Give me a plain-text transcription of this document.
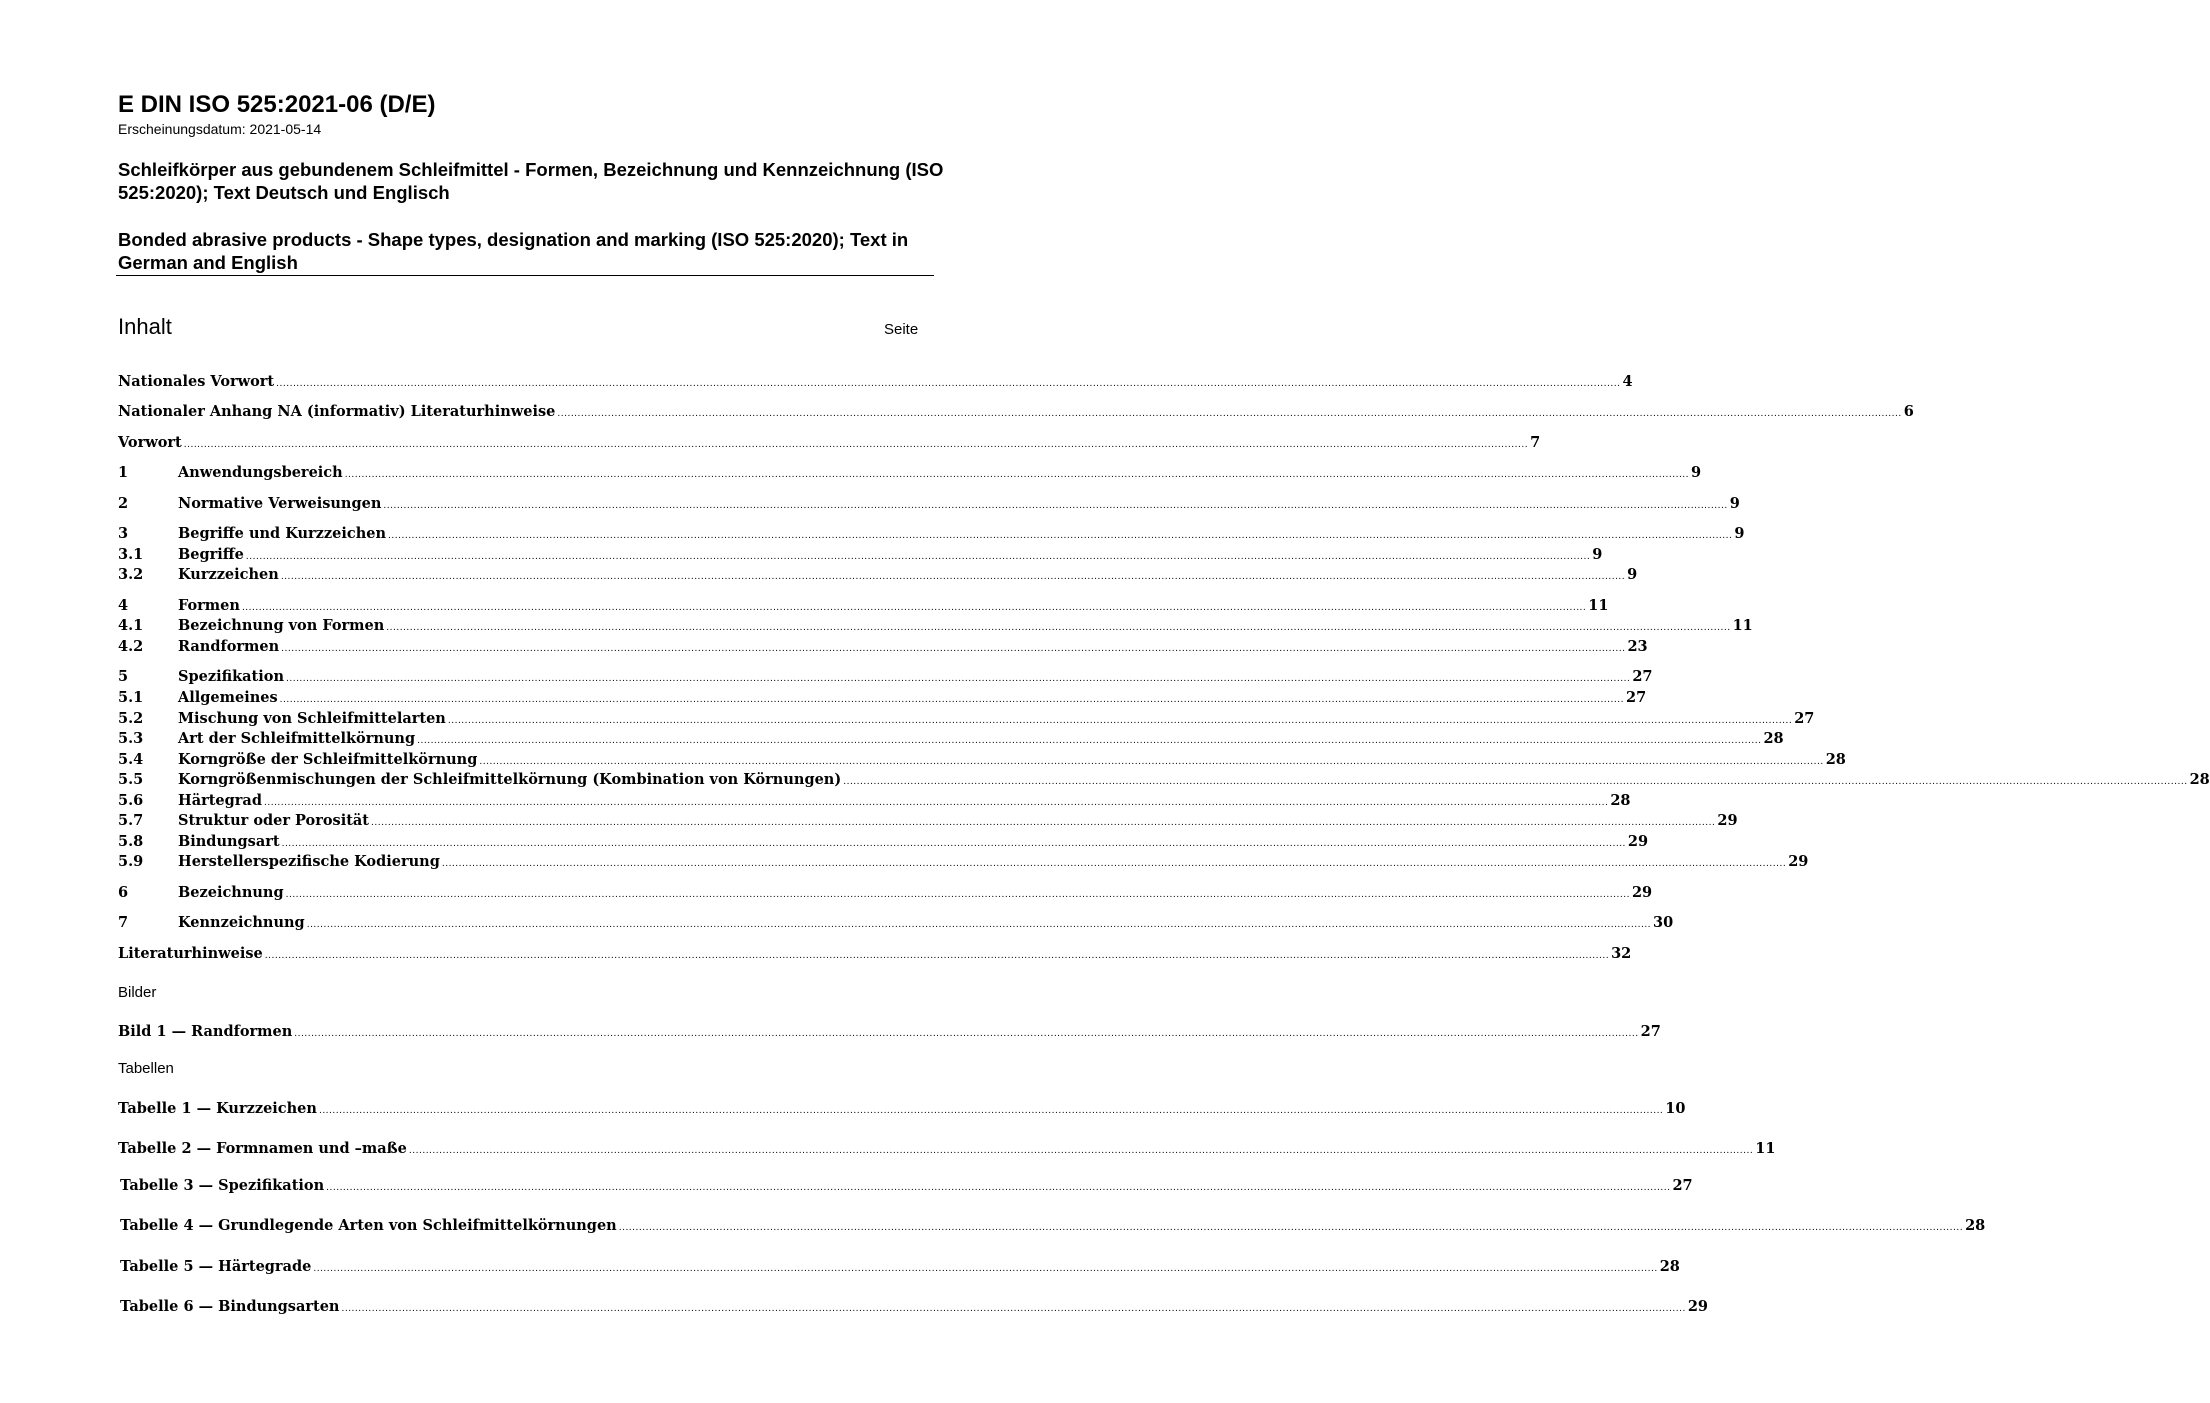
E DIN ISO 525:2021-06 (D/E)
Erscheinungsdatum: 2021-05-14
Schleifkörper aus gebundenem Schleifmittel - Formen, Bezeichnung und Kennzeichnung (ISO 525:2020); Text Deutsch und Englisch
Bonded abrasive products - Shape types, designation and marking (ISO 525:2020); Text in German and English
Inhalt	Seite
Nationales Vorwort ................................................................................................................................................................................................................................................................................................................................................................................................................ 4
Nationaler Anhang NA (informativ) Literaturhinweise ................................................................................................................................................................................................................................................................................................................................................................................................................ 6
Vorwort ................................................................................................................................................................................................................................................................................................................................................................................................................ 7
1	Anwendungsbereich ................................................................................................................................................................................................................................................................................................................................................................................................................ 9
2	Normative Verweisungen ................................................................................................................................................................................................................................................................................................................................................................................................................ 9
3	Begriffe und Kurzzeichen ................................................................................................................................................................................................................................................................................................................................................................................................................ 9
3.1	Begriffe ................................................................................................................................................................................................................................................................................................................................................................................................................ 9
3.2	Kurzzeichen ................................................................................................................................................................................................................................................................................................................................................................................................................ 9
4	Formen ................................................................................................................................................................................................................................................................................................................................................................................................................ 11
4.1	Bezeichnung von Formen ................................................................................................................................................................................................................................................................................................................................................................................................................ 11
4.2	Randformen ................................................................................................................................................................................................................................................................................................................................................................................................................ 23
5	Spezifikation ................................................................................................................................................................................................................................................................................................................................................................................................................ 27
5.1	Allgemeines ................................................................................................................................................................................................................................................................................................................................................................................................................ 27
5.2	Mischung von Schleifmittelarten ................................................................................................................................................................................................................................................................................................................................................................................................................ 27
5.3	Art der Schleifmittelkörnung ................................................................................................................................................................................................................................................................................................................................................................................................................ 28
5.4	Korngröße der Schleifmittelkörnung ................................................................................................................................................................................................................................................................................................................................................................................................................ 28
5.5	Korngrößenmischungen der Schleifmittelkörnung (Kombination von Körnungen) ................................................................................................................................................................................................................................................................................................................................................................................................................ 28
5.6	Härtegrad ................................................................................................................................................................................................................................................................................................................................................................................................................ 28
5.7	Struktur oder Porosität ................................................................................................................................................................................................................................................................................................................................................................................................................ 29
5.8	Bindungsart ................................................................................................................................................................................................................................................................................................................................................................................................................ 29
5.9	Herstellerspezifische Kodierung ................................................................................................................................................................................................................................................................................................................................................................................................................ 29
6	Bezeichnung ................................................................................................................................................................................................................................................................................................................................................................................................................ 29
7	Kennzeichnung ................................................................................................................................................................................................................................................................................................................................................................................................................ 30
Literaturhinweise ................................................................................................................................................................................................................................................................................................................................................................................................................ 32
Bilder
Bild 1 — Randformen ................................................................................................................................................................................................................................................................................................................................................................................................................ 27
Tabellen
Tabelle 1 — Kurzzeichen ................................................................................................................................................................................................................................................................................................................................................................................................................ 10
Tabelle 2 — Formnamen und –maße ................................................................................................................................................................................................................................................................................................................................................................................................................ 11
Tabelle 3 — Spezifikation ................................................................................................................................................................................................................................................................................................................................................................................................................ 27
Tabelle 4 — Grundlegende Arten von Schleifmittelkörnungen ................................................................................................................................................................................................................................................................................................................................................................................................................ 28
Tabelle 5 — Härtegrade ................................................................................................................................................................................................................................................................................................................................................................................................................ 28
Tabelle 6 — Bindungsarten ................................................................................................................................................................................................................................................................................................................................................................................................................ 29
